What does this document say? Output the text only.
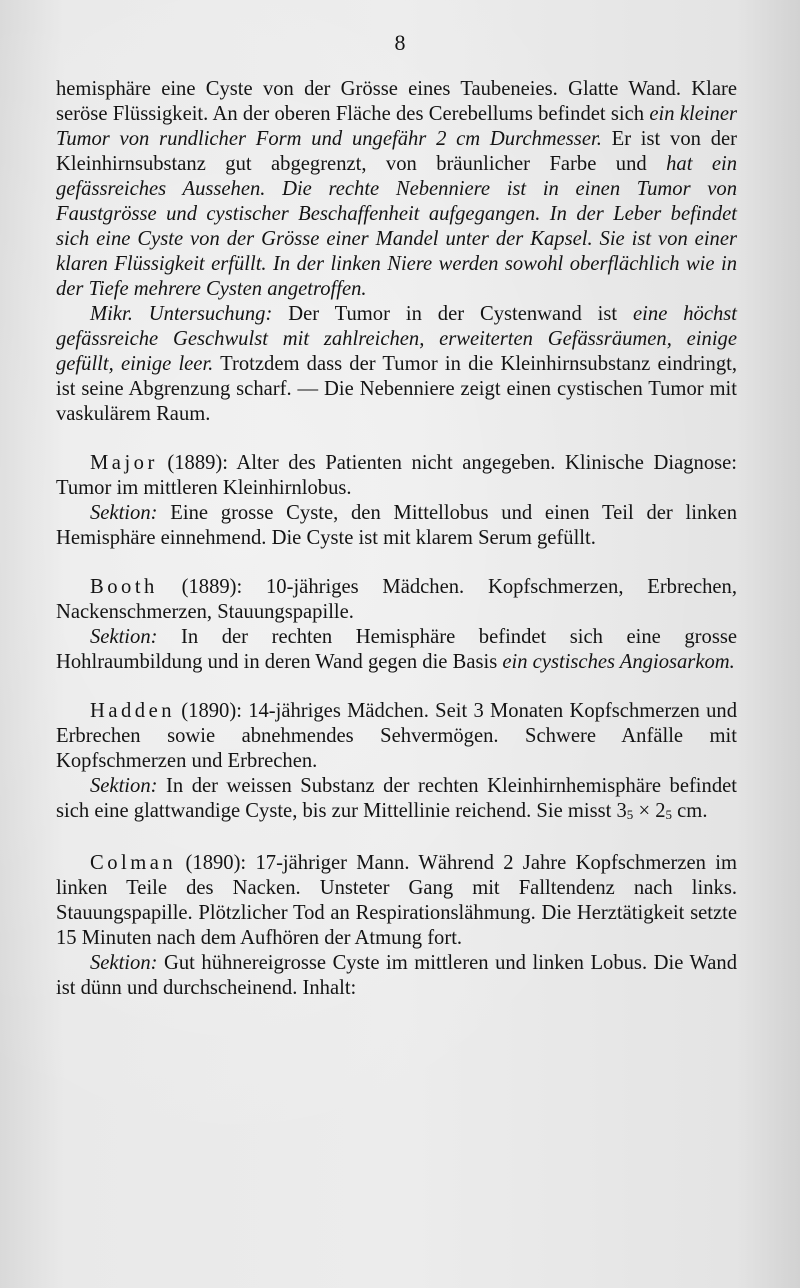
8

hemisphäre eine Cyste von der Grösse eines Taubeneies. Glatte Wand. Klare seröse Flüssigkeit. An der oberen Fläche des Cerebellums befindet sich ein kleiner Tumor von rundlicher Form und ungefähr 2 cm Durchmesser. Er ist von der Kleinhirnsubstanz gut abgegrenzt, von bräunlicher Farbe und hat ein gefässreiches Aussehen. Die rechte Nebenniere ist in einen Tumor von Faustgrösse und cystischer Beschaffenheit aufgegangen. In der Leber befindet sich eine Cyste von der Grösse einer Mandel unter der Kapsel. Sie ist von einer klaren Flüssigkeit erfüllt. In der linken Niere werden sowohl oberflächlich wie in der Tiefe mehrere Cysten angetroffen.

Mikr. Untersuchung: Der Tumor in der Cystenwand ist eine höchst gefässreiche Geschwulst mit zahlreichen, erweiterten Gefässräumen, einige gefüllt, einige leer. Trotzdem dass der Tumor in die Kleinhirnsubstanz eindringt, ist seine Abgrenzung scharf. — Die Nebenniere zeigt einen cystischen Tumor mit vaskulärem Raum.

Major (1889): Alter des Patienten nicht angegeben. Klinische Diagnose: Tumor im mittleren Kleinhirnlobus.

Sektion: Eine grosse Cyste, den Mittellobus und einen Teil der linken Hemisphäre einnehmend. Die Cyste ist mit klarem Serum gefüllt.

Booth (1889): 10-jähriges Mädchen. Kopfschmerzen, Erbrechen, Nackenschmerzen, Stauungspapille.

Sektion: In der rechten Hemisphäre befindet sich eine grosse Hohlraumbildung und in deren Wand gegen die Basis ein cystisches Angiosarkom.

Hadden (1890): 14-jähriges Mädchen. Seit 3 Monaten Kopfschmerzen und Erbrechen sowie abnehmendes Sehvermögen. Schwere Anfälle mit Kopfschmerzen und Erbrechen.

Sektion: In der weissen Substanz der rechten Kleinhirnhemisphäre befindet sich eine glattwandige Cyste, bis zur Mittellinie reichend. Sie misst 35 × 25 cm.

Colman (1890): 17-jähriger Mann. Während 2 Jahre Kopfschmerzen im linken Teile des Nacken. Unsteter Gang mit Falltendenz nach links. Stauungspapille. Plötzlicher Tod an Respirationslähmung. Die Herztätigkeit setzte 15 Minuten nach dem Aufhören der Atmung fort.

Sektion: Gut hühnereigrosse Cyste im mittleren und linken Lobus. Die Wand ist dünn und durchscheinend. Inhalt:
